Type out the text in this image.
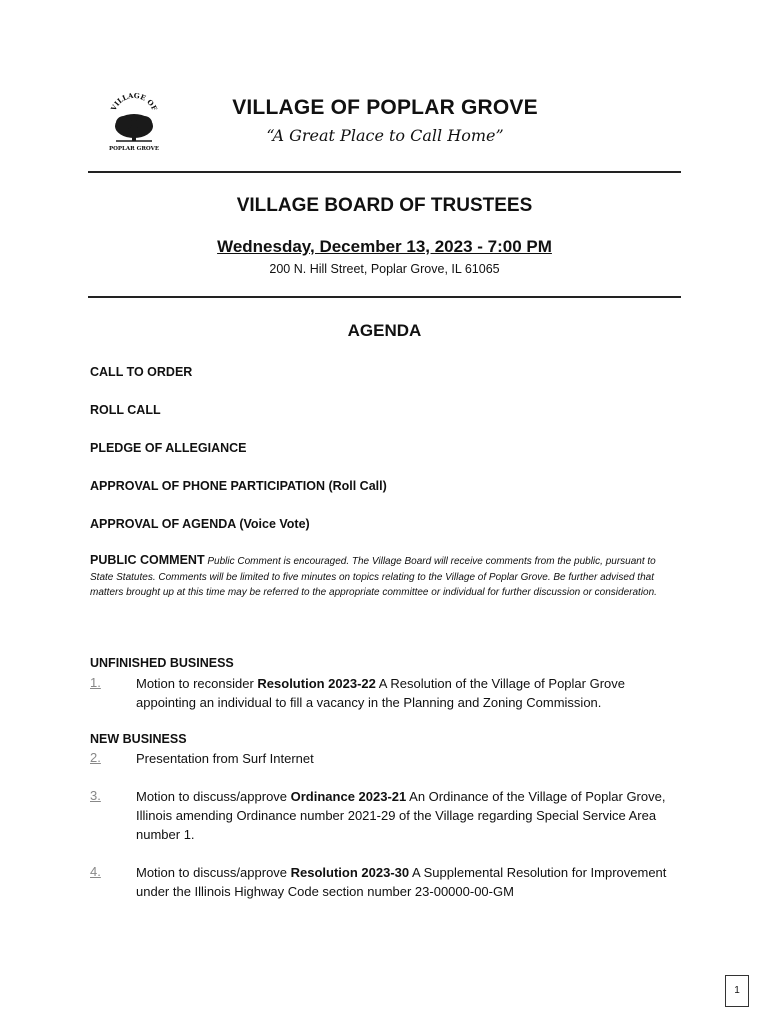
VILLAGE OF
POPLAR GROVE
VILLAGE OF POPLAR GROVE
“A Great Place to Call Home”
VILLAGE BOARD OF TRUSTEES
Wednesday, December 13, 2023 - 7:00 PM
200 N. Hill Street, Poplar Grove, IL 61065
AGENDA
CALL TO ORDER
ROLL CALL
PLEDGE OF ALLEGIANCE
APPROVAL OF PHONE PARTICIPATION (Roll Call)
APPROVAL OF AGENDA (Voice Vote)
PUBLIC COMMENT Public Comment is encouraged. The Village Board will receive comments from the public, pursuant to State Statutes. Comments will be limited to five minutes on topics relating to the Village of Poplar Grove. Be further advised that matters brought up at this time may be referred to the appropriate committee or individual for further discussion or consideration.
UNFINISHED BUSINESS
1.	Motion to reconsider Resolution 2023-22 A Resolution of the Village of Poplar Grove appointing an individual to fill a vacancy in the Planning and Zoning Commission.
NEW BUSINESS
2.	Presentation from Surf Internet
3.	Motion to discuss/approve Ordinance 2023-21 An Ordinance of the Village of Poplar Grove, Illinois amending Ordinance number 2021-29 of the Village regarding Special Service Area number 1.
4.	Motion to discuss/approve Resolution 2023-30 A Supplemental Resolution for Improvement under the Illinois Highway Code section number 23-00000-00-GM
1
